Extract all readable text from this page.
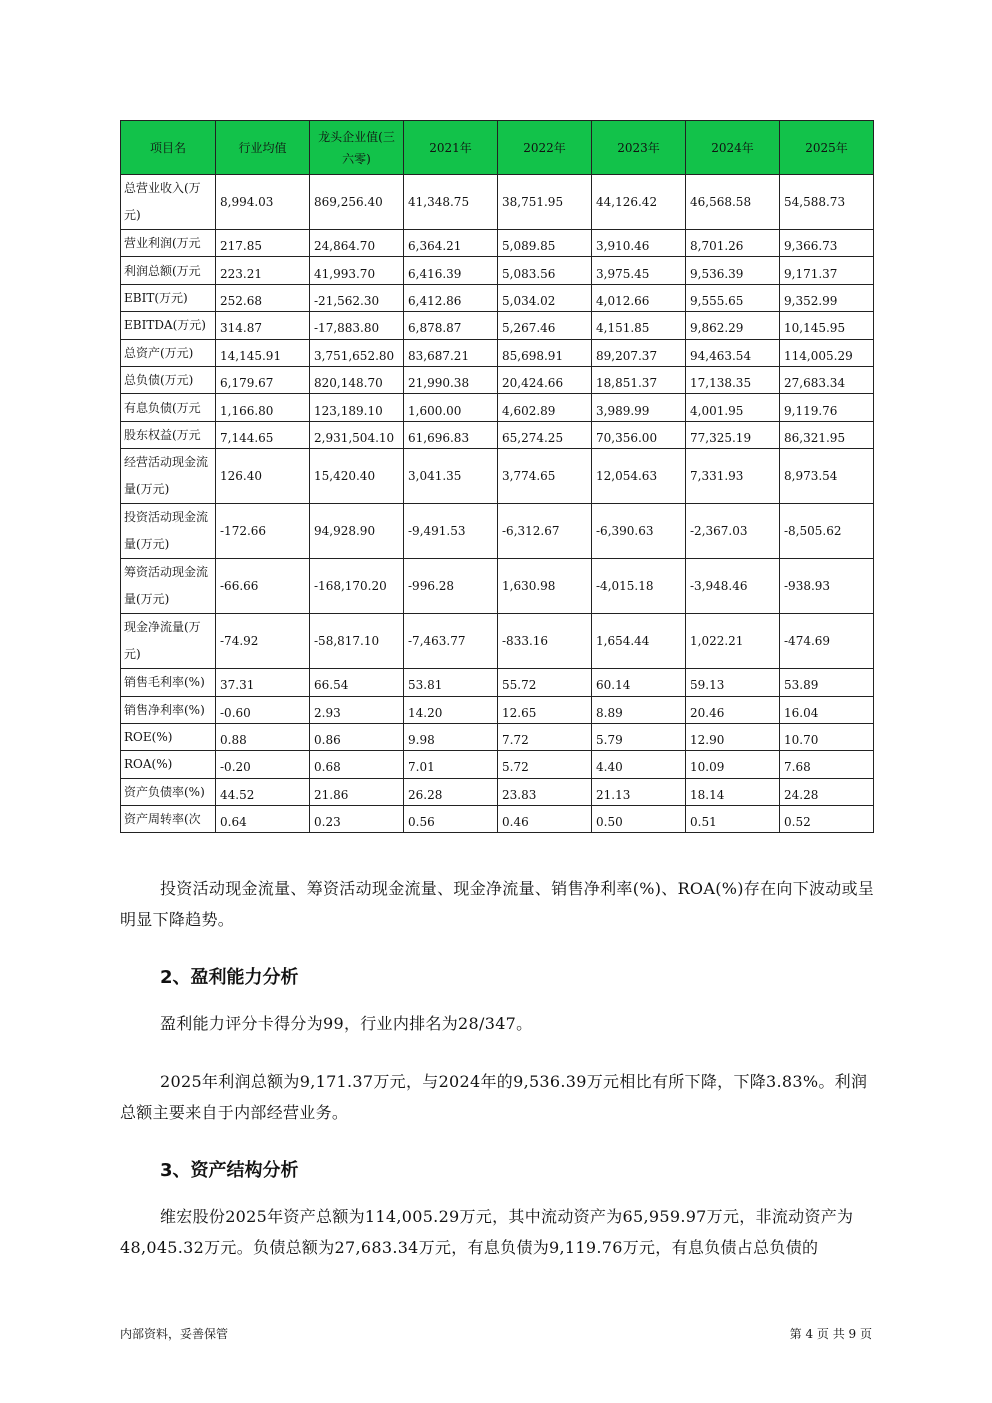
项目名	行业均值	龙头企业值(三六零)	2021年	2022年	2023年	2024年	2025年
总营业收入(万元)	8,994.03	869,256.40	41,348.75	38,751.95	44,126.42	46,568.58	54,588.73
营业利润(万元	217.85	24,864.70	6,364.21	5,089.85	3,910.46	8,701.26	9,366.73
利润总额(万元	223.21	41,993.70	6,416.39	5,083.56	3,975.45	9,536.39	9,171.37
EBIT(万元)	252.68	-21,562.30	6,412.86	5,034.02	4,012.66	9,555.65	9,352.99
EBITDA(万元)	314.87	-17,883.80	6,878.87	5,267.46	4,151.85	9,862.29	10,145.95
总资产(万元)	14,145.91	3,751,652.80	83,687.21	85,698.91	89,207.37	94,463.54	114,005.29
总负债(万元)	6,179.67	820,148.70	21,990.38	20,424.66	18,851.37	17,138.35	27,683.34
有息负债(万元	1,166.80	123,189.10	1,600.00	4,602.89	3,989.99	4,001.95	9,119.76
股东权益(万元	7,144.65	2,931,504.10	61,696.83	65,274.25	70,356.00	77,325.19	86,321.95
经营活动现金流量(万元)	126.40	15,420.40	3,041.35	3,774.65	12,054.63	7,331.93	8,973.54
投资活动现金流量(万元)	-172.66	94,928.90	-9,491.53	-6,312.67	-6,390.63	-2,367.03	-8,505.62
筹资活动现金流量(万元)	-66.66	-168,170.20	-996.28	1,630.98	-4,015.18	-3,948.46	-938.93
现金净流量(万元)	-74.92	-58,817.10	-7,463.77	-833.16	1,654.44	1,022.21	-474.69
销售毛利率(%)	37.31	66.54	53.81	55.72	60.14	59.13	53.89
销售净利率(%)	-0.60	2.93	14.20	12.65	8.89	20.46	16.04
ROE(%)	0.88	0.86	9.98	7.72	5.79	12.90	10.70
ROA(%)	-0.20	0.68	7.01	5.72	4.40	10.09	7.68
资产负债率(%)	44.52	21.86	26.28	23.83	21.13	18.14	24.28
资产周转率(次	0.64	0.23	0.56	0.46	0.50	0.51	0.52

投资活动现金流量、筹资活动现金流量、现金净流量、销售净利率(%)、ROA(%)存在向下波动或呈明显下降趋势。

2、盈利能力分析

盈利能力评分卡得分为99，行业内排名为28/347。

2025年利润总额为9,171.37万元，与2024年的9,536.39万元相比有所下降，下降3.83%。利润总额主要来自于内部经营业务。

3、资产结构分析

维宏股份2025年资产总额为114,005.29万元，其中流动资产为65,959.97万元，非流动资产为48,045.32万元。负债总额为27,683.34万元，有息负债为9,119.76万元，有息负债占总负债的

内部资料，妥善保管	第 4 页 共 9 页
